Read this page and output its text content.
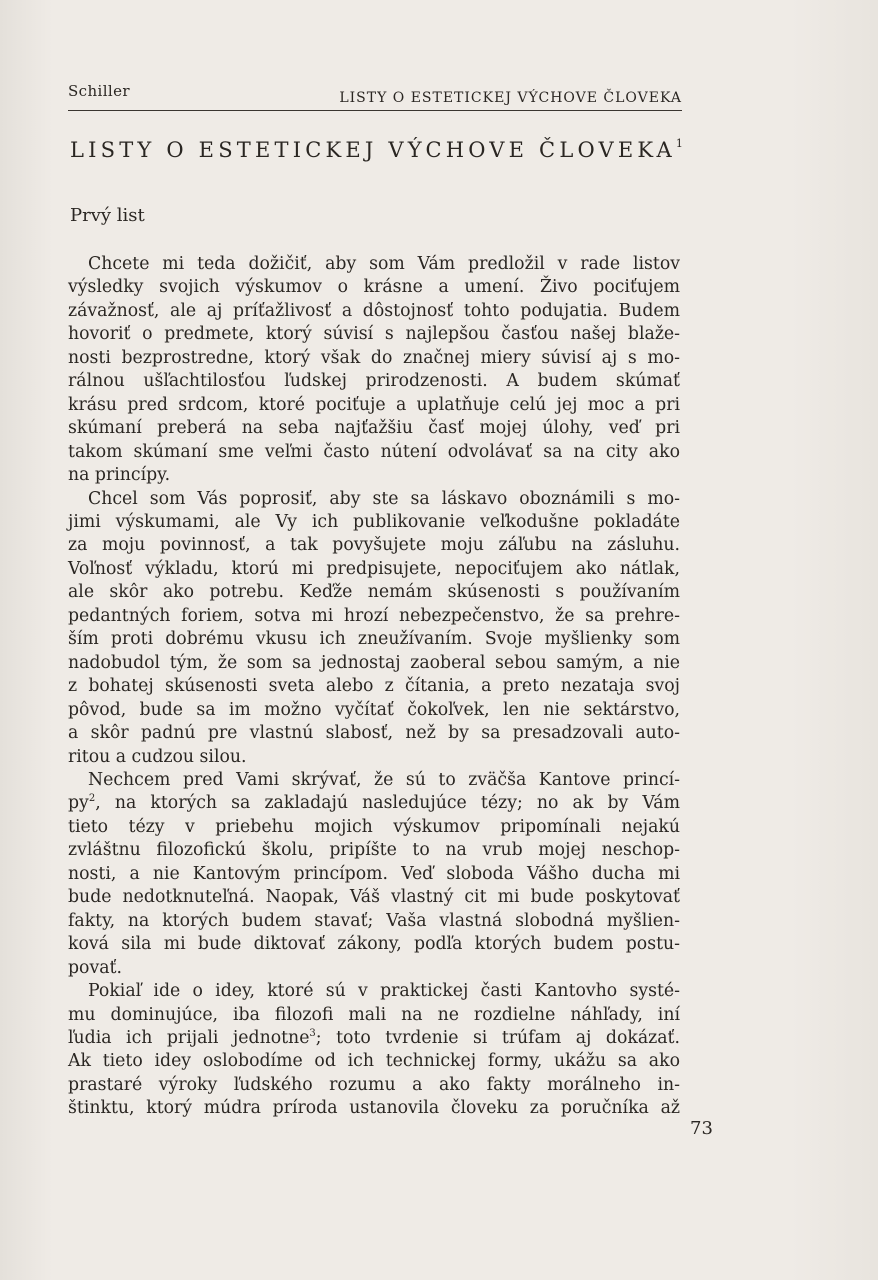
Schiller	LISTY O ESTETICKEJ VÝCHOVE ČLOVEKA
LISTY O ESTETICKEJ VÝCHOVE ČLOVEKA$^1$
Prvý list
Chcete mi teda dožičiť, aby som Vám predložil v rade listov
výsledky svojich výskumov o krásne a umení. Živo pociťujem
závažnosť, ale aj príťažlivosť a dôstojnosť tohto podujatia. Budem
hovoriť o predmete, ktorý súvisí s najlepšou časťou našej blaže-
nosti bezprostredne, ktorý však do značnej miery súvisí aj s mo-
rálnou ušľachtilosťou ľudskej prirodzenosti. A budem skúmať
krásu pred srdcom, ktoré pociťuje a uplatňuje celú jej moc a pri
skúmaní preberá na seba najťažšiu časť mojej úlohy, veď pri
takom skúmaní sme veľmi často nútení odvolávať sa na city ako
na princípy.
Chcel som Vás poprosiť, aby ste sa láskavo oboznámili s mo-
jimi výskumami, ale Vy ich publikovanie veľkodušne pokladáte
za moju povinnosť, a tak povyšujete moju záľubu na zásluhu.
Voľnosť výkladu, ktorú mi predpisujete, nepociťujem ako nátlak,
ale skôr ako potrebu. Keďže nemám skúsenosti s používaním
pedantných foriem, sotva mi hrozí nebezpečenstvo, že sa prehre-
ším proti dobrému vkusu ich zneužívaním. Svoje myšlienky som
nadobudol tým, že som sa jednostaj zaoberal sebou samým, a nie
z bohatej skúsenosti sveta alebo z čítania, a preto nezataja svoj
pôvod, bude sa im možno vyčítať čokoľvek, len nie sektárstvo,
a skôr padnú pre vlastnú slabosť, než by sa presadzovali auto-
ritou a cudzou silou.
Nechcem pred Vami skrývať, že sú to zväčša Kantove princí-
$py^2$, na ktorých sa zakladajú nasledujúce tézy; no ak by Vám
tieto tézy v priebehu mojich výskumov pripomínali nejakú
zvláštnu filozofickú školu, pripíšte to na vrub mojej neschop-
nosti, a nie Kantovým princípom. Veď sloboda Vášho ducha mi
bude nedotknuteľná. Naopak, Váš vlastný cit mi bude poskytovať
fakty, na ktorých budem stavať; Vaša vlastná slobodná myšlien-
ková sila mi bude diktovať zákony, podľa ktorých budem postu-
povať.
Pokiaľ ide o idey, ktoré sú v praktickej časti Kantovho systé-
mu dominujúce, iba filozofi mali na ne rozdielne náhľady, iní
ľudia ich prijali jednotne$^3$; toto tvrdenie si trúfam aj dokázať.
Ak tieto idey oslobodíme od ich technickej formy, ukážu sa ako
prastaré výroky ľudského rozumu a ako fakty morálneho in-
štinktu, ktorý múdra príroda ustanovila človeku za poručníka až
73
